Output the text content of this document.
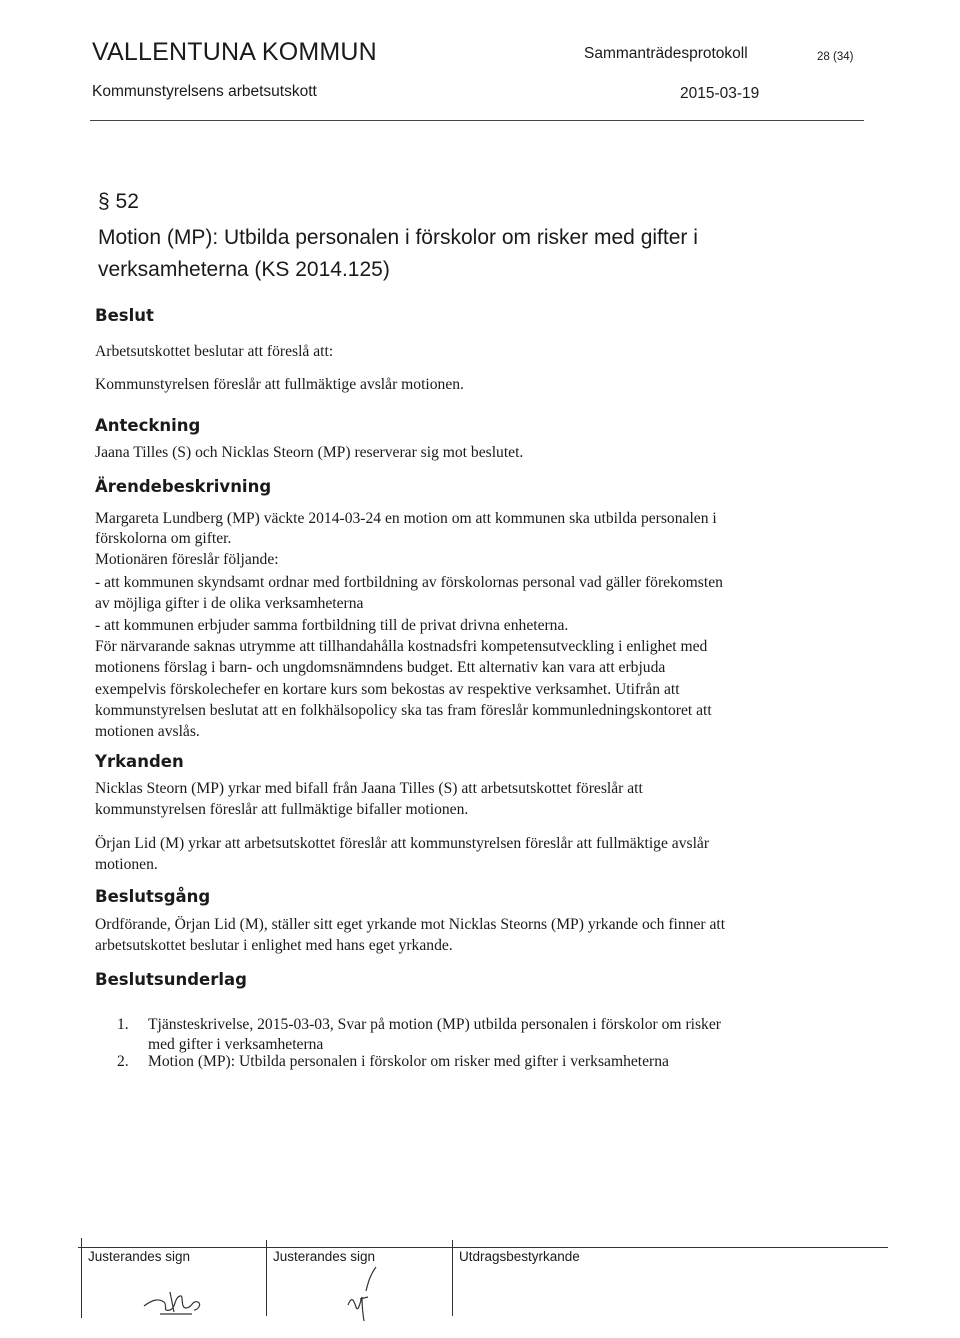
VALLENTUNA KOMMUN	Sammanträdesprotokoll	28 (34)
Kommunstyrelsens arbetsutskott	2015-03-19
§ 52
Motion (MP): Utbilda personalen i förskolor om risker med gifter i
verksamheterna (KS 2014.125)
Beslut
Arbetsutskottet beslutar att föreslå att:
Kommunstyrelsen föreslår att fullmäktige avslår motionen.
Anteckning
Jaana Tilles (S) och Nicklas Steorn (MP) reserverar sig mot beslutet.
Ärendebeskrivning
Margareta Lundberg (MP) väckte 2014-03-24 en motion om att kommunen ska utbilda personalen i
förskolorna om gifter.
Motionären föreslår följande:
- att kommunen skyndsamt ordnar med fortbildning av förskolornas personal vad gäller förekomsten
av möjliga gifter i de olika verksamheterna
- att kommunen erbjuder samma fortbildning till de privat drivna enheterna.
För närvarande saknas utrymme att tillhandahålla kostnadsfri kompetensutveckling i enlighet med
motionens förslag i barn- och ungdomsnämndens budget. Ett alternativ kan vara att erbjuda
exempelvis förskolechefer en kortare kurs som bekostas av respektive verksamhet. Utifrån att
kommunstyrelsen beslutat att en folkhälsopolicy ska tas fram föreslår kommunledningskontoret att
motionen avslås.
Yrkanden
Nicklas Steorn (MP) yrkar med bifall från Jaana Tilles (S) att arbetsutskottet föreslår att
kommunstyrelsen föreslår att fullmäktige bifaller motionen.
Örjan Lid (M) yrkar att arbetsutskottet föreslår att kommunstyrelsen föreslår att fullmäktige avslår
motionen.
Beslutsgång
Ordförande, Örjan Lid (M), ställer sitt eget yrkande mot Nicklas Steorns (MP) yrkande och finner att
arbetsutskottet beslutar i enlighet med hans eget yrkande.
Beslutsunderlag
1. Tjänsteskrivelse, 2015-03-03, Svar på motion (MP) utbilda personalen i förskolor om risker
med gifter i verksamheterna
2. Motion (MP): Utbilda personalen i förskolor om risker med gifter i verksamheterna
Justerandes sign	Justerandes sign	Utdragsbestyrkande
